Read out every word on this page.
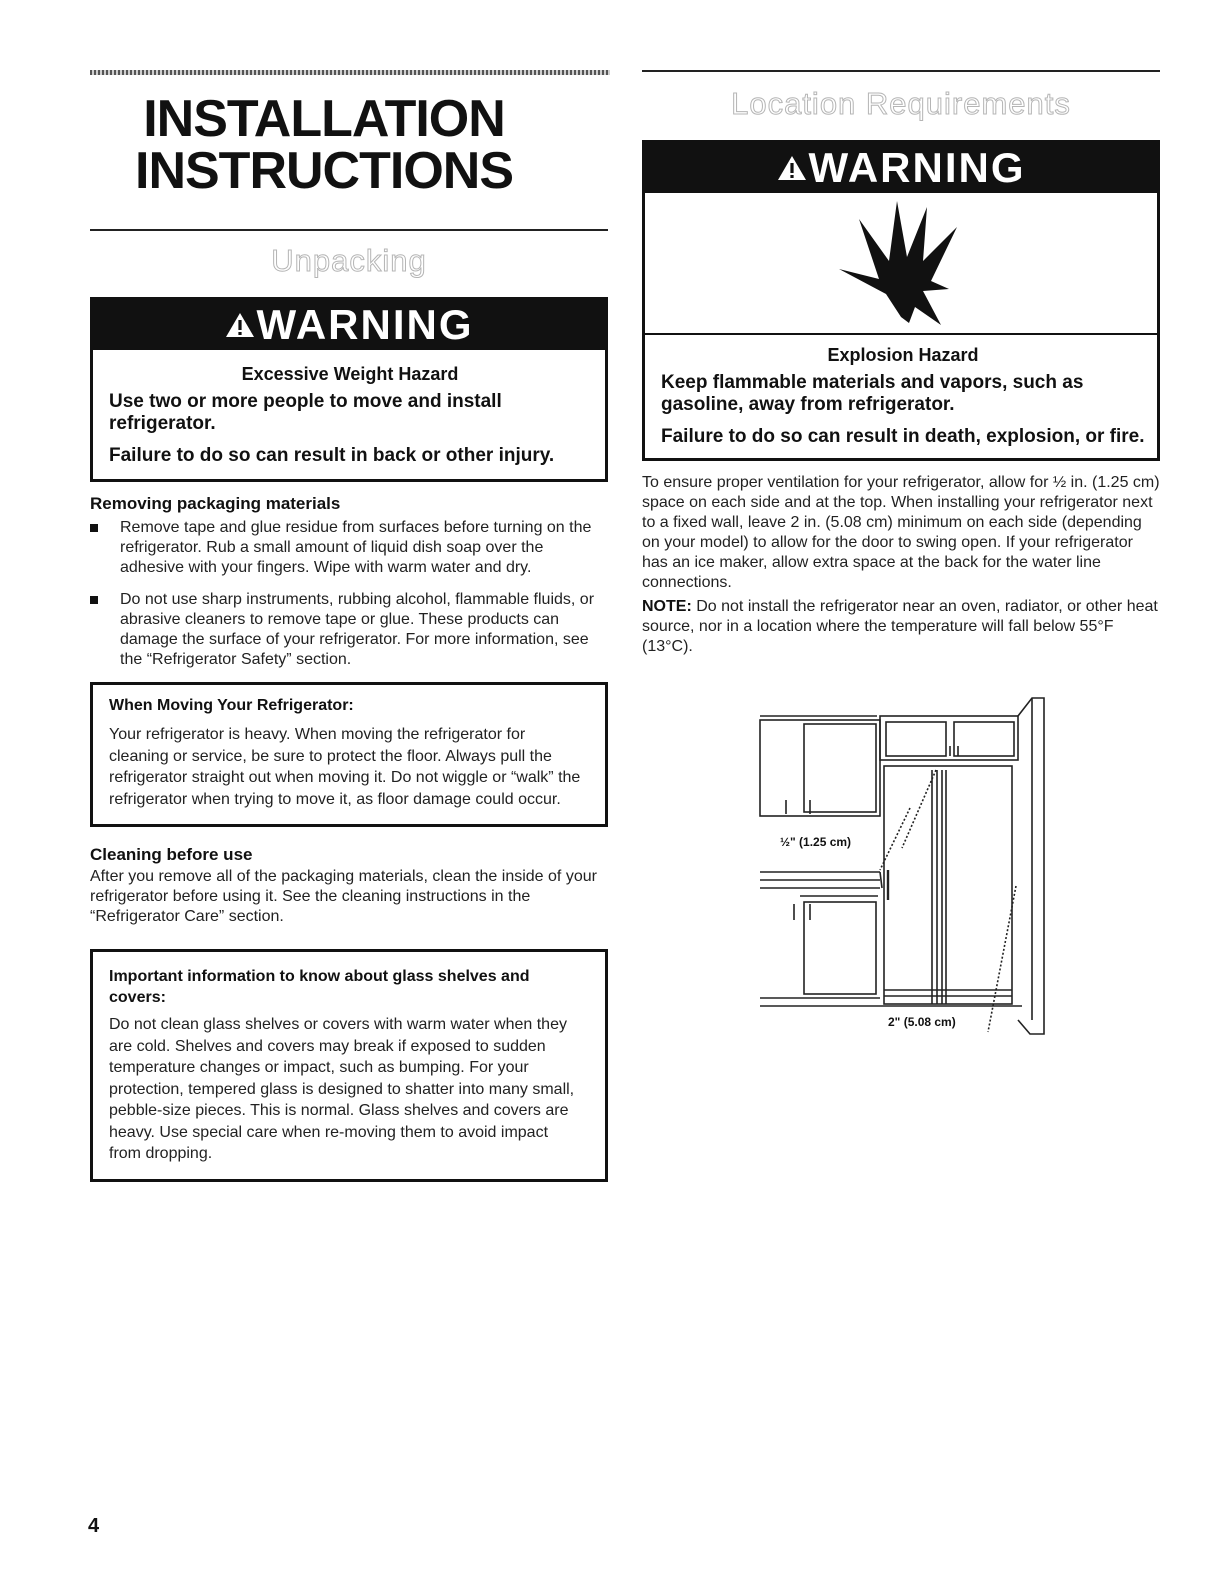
INSTALLATION
INSTRUCTIONS
Unpacking
WARNING
Excessive Weight Hazard
Use two or more people to move and install refrigerator.
Failure to do so can result in back or other injury.
Removing packaging materials
Remove tape and glue residue from surfaces before turning on the refrigerator. Rub a small amount of liquid dish soap over the adhesive with your fingers. Wipe with warm water and dry.
Do not use sharp instruments, rubbing alcohol, flammable fluids, or abrasive cleaners to remove tape or glue. These products can damage the surface of your refrigerator. For more information, see the “Refrigerator Safety” section.
When Moving Your Refrigerator:
Your refrigerator is heavy. When moving the refrigerator for cleaning or service, be sure to protect the floor. Always pull the refrigerator straight out when moving it. Do not wiggle or “walk” the refrigerator when trying to move it, as floor damage could occur.
Cleaning before use
After you remove all of the packaging materials, clean the inside of your refrigerator before using it. See the cleaning instructions in the “Refrigerator Care” section.
Important information to know about glass shelves and covers:
Do not clean glass shelves or covers with warm water when they are cold. Shelves and covers may break if exposed to sudden temperature changes or impact, such as bumping. For your protection, tempered glass is designed to shatter into many small, pebble-size pieces. This is normal. Glass shelves and covers are heavy. Use special care when re-moving them to avoid impact from dropping.
Location Requirements
WARNING
Explosion Hazard
Keep flammable materials and vapors, such as gasoline, away from refrigerator.
Failure to do so can result in death, explosion, or fire.
To ensure proper ventilation for your refrigerator, allow for ½ in. (1.25 cm) space on each side and at the top. When installing your refrigerator next to a fixed wall, leave 2 in. (5.08 cm) minimum on each side (depending on your model) to allow for the door to swing open. If your refrigerator has an ice maker, allow extra space at the back for the water line connections.
NOTE: Do not install the refrigerator near an oven, radiator, or other heat source, nor in a location where the temperature will fall below 55°F (13°C).
½" (1.25 cm)
2" (5.08 cm)
4
